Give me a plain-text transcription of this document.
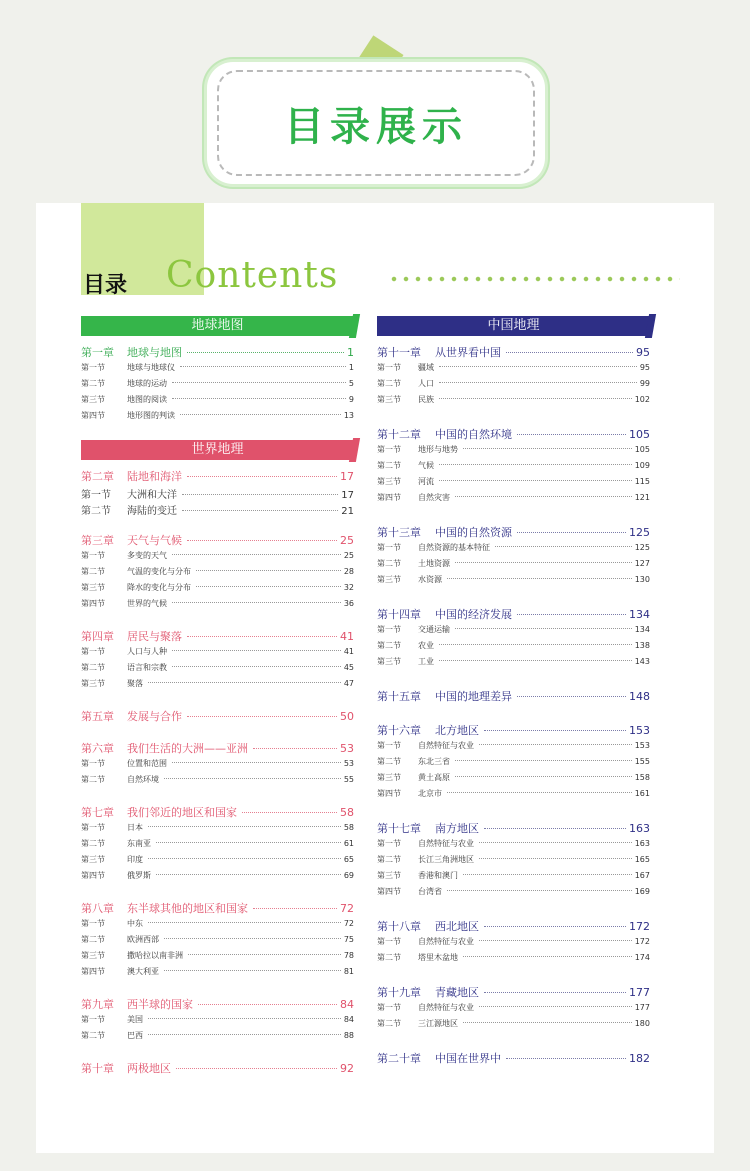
目录展示
目录 Contents
地球地图
第一章	地球与地图	1
第一节	地球与地球仪	1
第二节	地球的运动	5
第三节	地图的阅读	9
第四节	地形图的判读	13
世界地理
第二章	陆地和海洋	17
第一节	大洲和大洋	17
第二节	海陆的变迁	21
第三章	天气与气候	25
第一节	多变的天气	25
第二节	气温的变化与分布	28
第三节	降水的变化与分布	32
第四节	世界的气候	36
第四章	居民与聚落	41
第一节	人口与人种	41
第二节	语言和宗教	45
第三节	聚落	47
第五章	发展与合作	50
第六章	我们生活的大洲——亚洲	53
第一节	位置和范围	53
第二节	自然环境	55
第七章	我们邻近的地区和国家	58
第一节	日本	58
第二节	东南亚	61
第三节	印度	65
第四节	俄罗斯	69
第八章	东半球其他的地区和国家	72
第一节	中东	72
第二节	欧洲西部	75
第三节	撒哈拉以南非洲	78
第四节	澳大利亚	81
第九章	西半球的国家	84
第一节	美国	84
第二节	巴西	88
第十章	两极地区	92
中国地理
第十一章	从世界看中国	95
第一节	疆域	95
第二节	人口	99
第三节	民族	102
第十二章	中国的自然环境	105
第一节	地形与地势	105
第二节	气候	109
第三节	河流	115
第四节	自然灾害	121
第十三章	中国的自然资源	125
第一节	自然资源的基本特征	125
第二节	土地资源	127
第三节	水资源	130
第十四章	中国的经济发展	134
第一节	交通运输	134
第二节	农业	138
第三节	工业	143
第十五章	中国的地理差异	148
第十六章	北方地区	153
第一节	自然特征与农业	153
第二节	东北三省	155
第三节	黄土高原	158
第四节	北京市	161
第十七章	南方地区	163
第一节	自然特征与农业	163
第二节	长江三角洲地区	165
第三节	香港和澳门	167
第四节	台湾省	169
第十八章	西北地区	172
第一节	自然特征与农业	172
第二节	塔里木盆地	174
第十九章	青藏地区	177
第一节	自然特征与农业	177
第二节	三江源地区	180
第二十章	中国在世界中	182
